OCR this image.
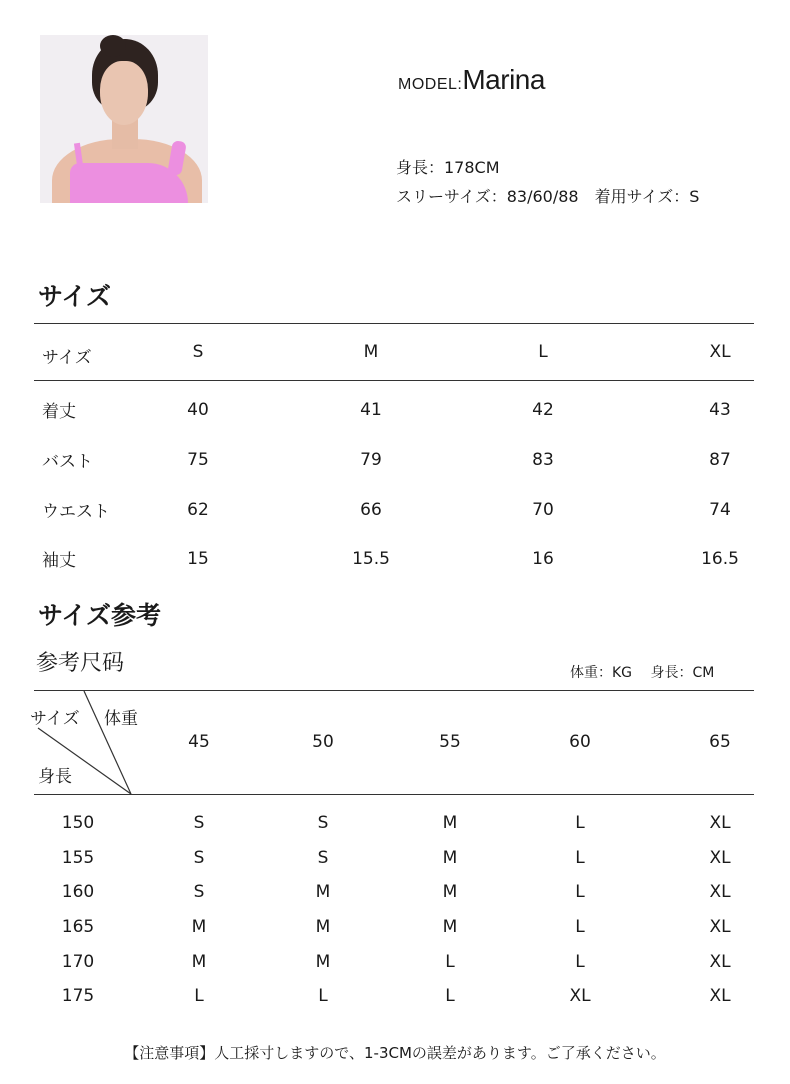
MODEL:Marina
身長：178CM
スリーサイズ：83/60/88　着用サイズ：S
サイズ
サイズ	S	M	L	XL
着丈	40	41	42	43
バスト	75	79	83	87
ウエスト	62	66	70	74
袖丈	15	15.5	16	16.5
サイズ参考
参考尺码	体重：KG　 身長：CM
サイズ 体重
身長
45	50	55	60	65
150	S	S	M	L	XL
155	S	S	M	L	XL
160	S	M	M	L	XL
165	M	M	M	L	XL
170	M	M	L	L	XL
175	L	L	L	XL	XL
【注意事項】人工採寸しますので、1-3CMの誤差があります。ご了承ください。
